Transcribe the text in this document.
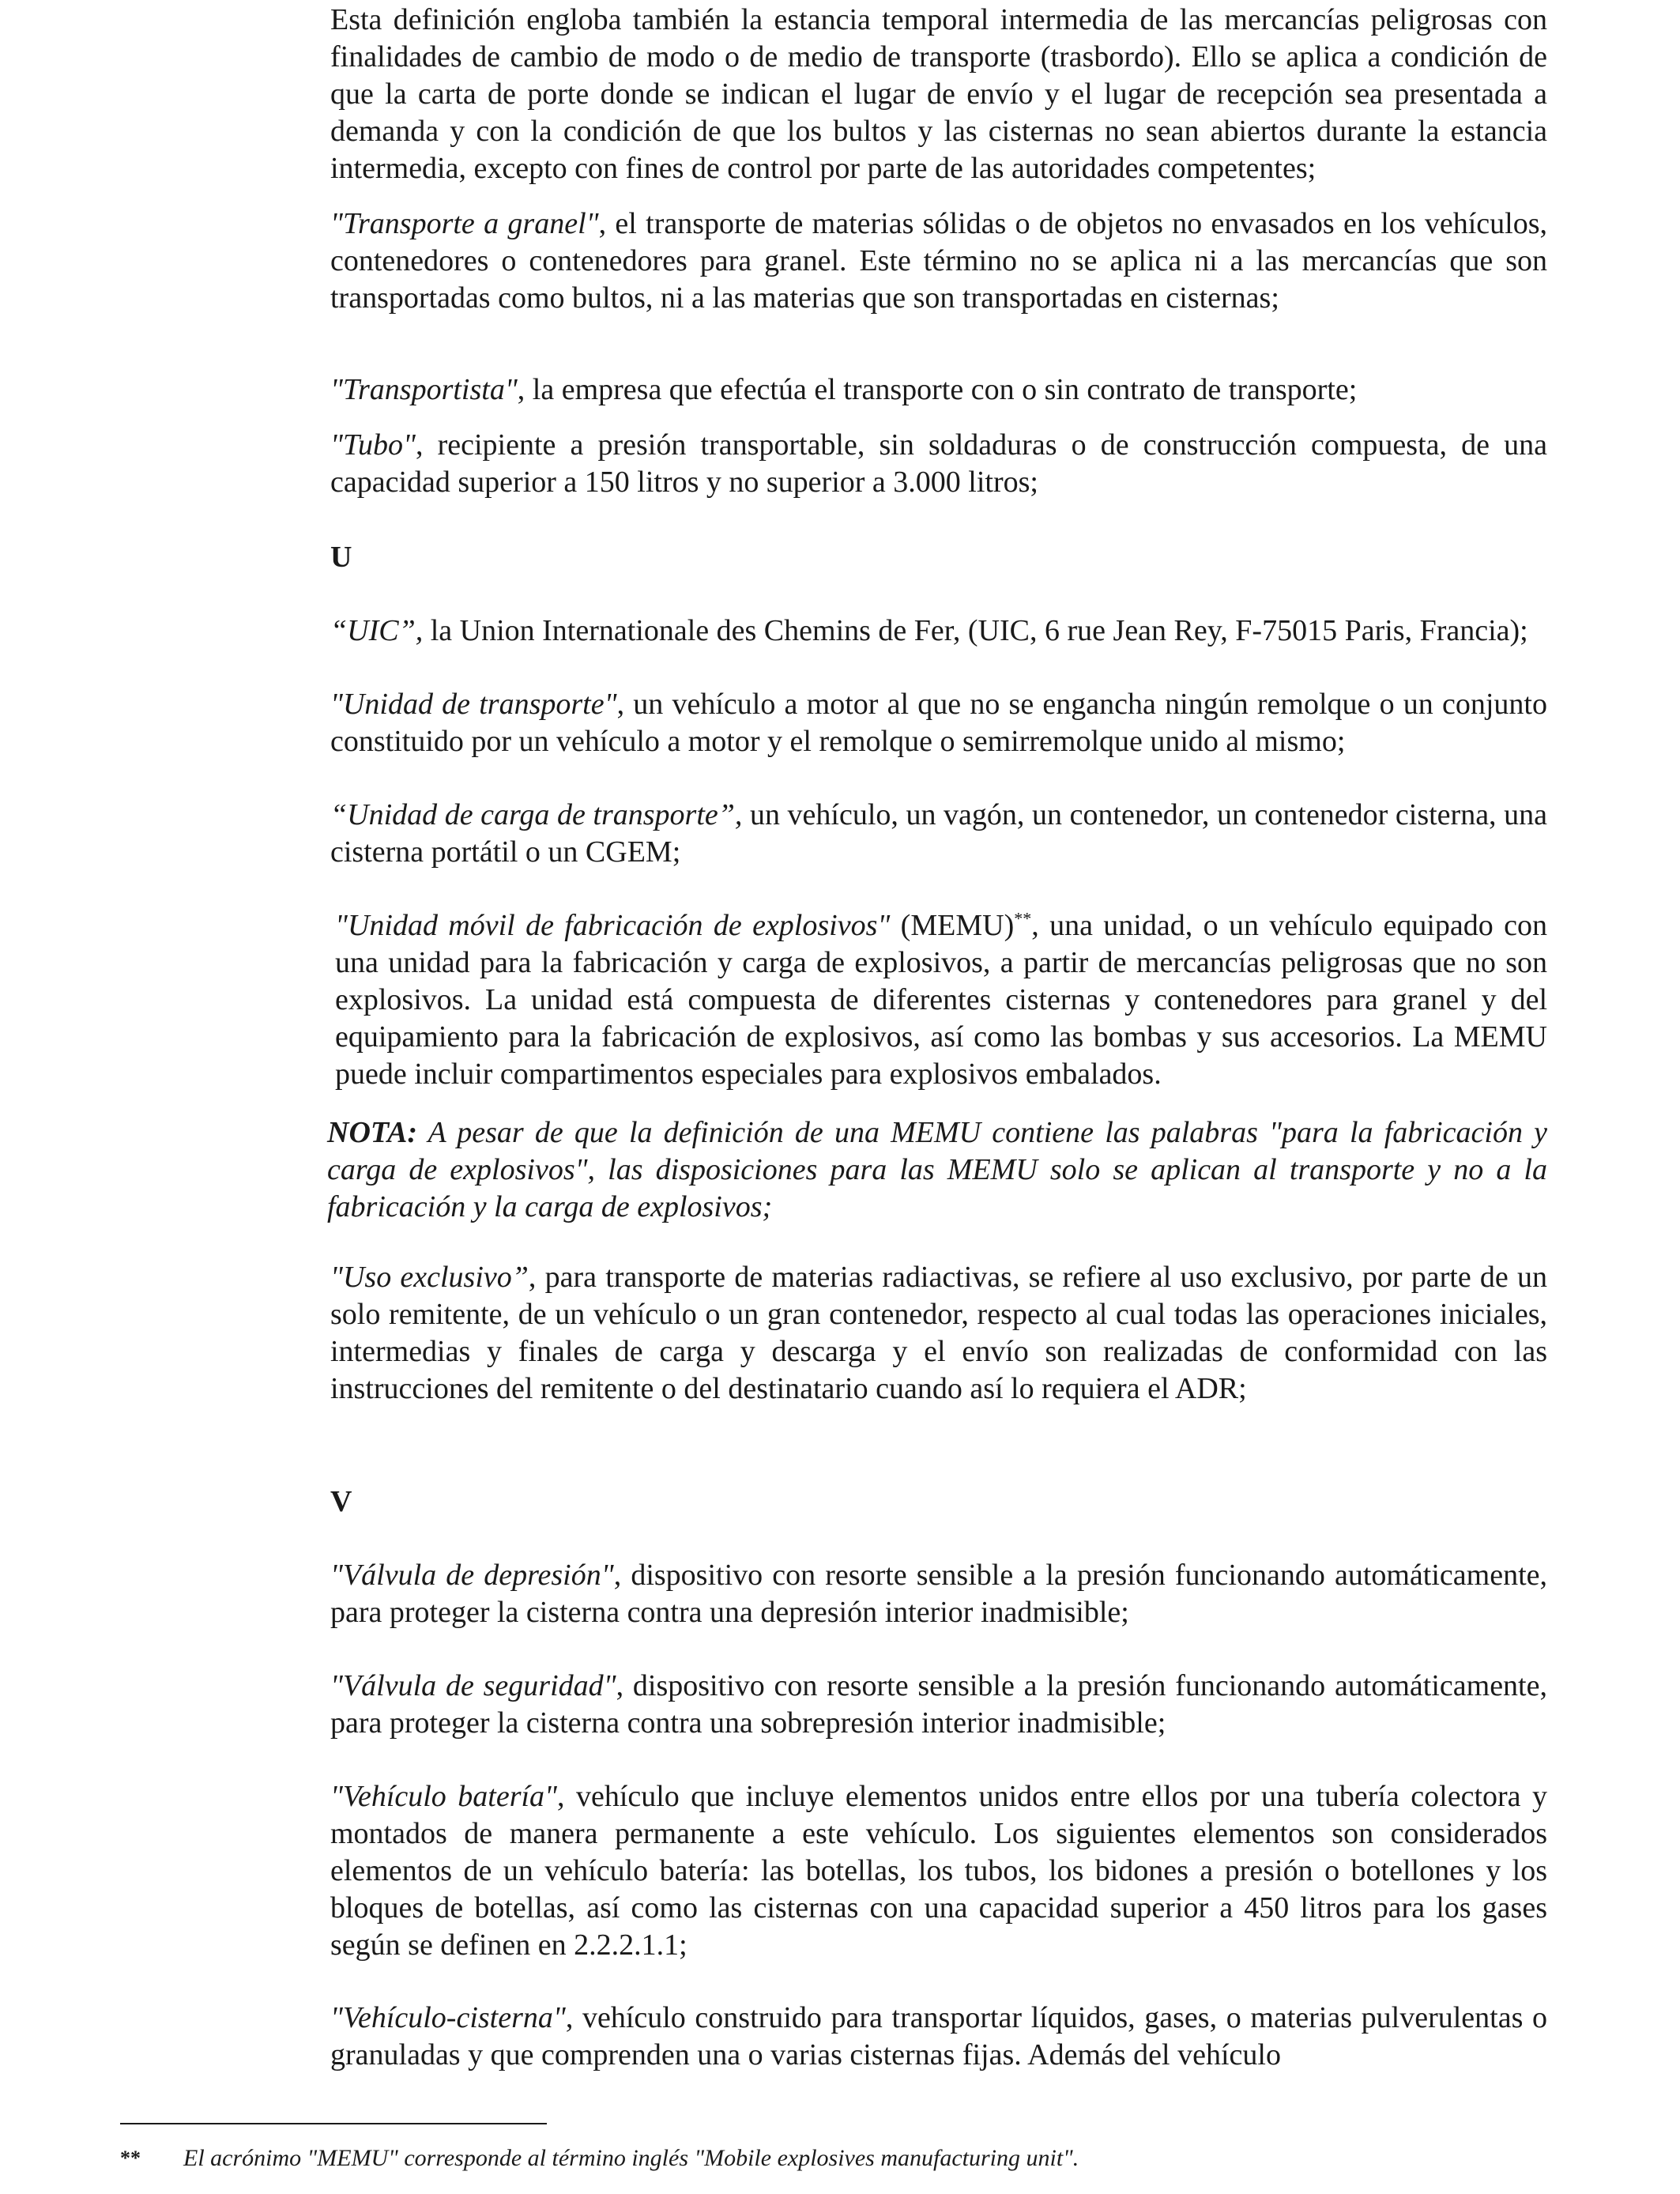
Esta definición engloba también la estancia temporal intermedia de las mercancías peligrosas con finalidades de cambio de modo o de medio de transporte (trasbordo). Ello se aplica a condición de que la carta de porte donde se indican el lugar de envío y el lugar de recepción sea presentada a demanda y con la condición de que los bultos y las cisternas no sean abiertos durante la estancia intermedia, excepto con fines de control por parte de las autoridades competentes;

"Transporte a granel", el transporte de materias sólidas o de objetos no envasados en los vehículos, contenedores o contenedores para granel. Este término no se aplica ni a las mercancías que son transportadas como bultos, ni a las materias que son transportadas en cisternas;

"Transportista", la empresa que efectúa el transporte con o sin contrato de transporte;

"Tubo", recipiente a presión transportable, sin soldaduras o de construcción compuesta, de una capacidad superior a 150 litros y no superior a 3.000 litros;

U

“UIC”, la Union Internationale des Chemins de Fer, (UIC, 6 rue Jean Rey, F-75015 Paris, Francia);

"Unidad de transporte", un vehículo a motor al que no se engancha ningún remolque o un conjunto constituido por un vehículo a motor y el remolque o semirremolque unido al mismo;

“Unidad de carga de transporte”, un vehículo, un vagón, un contenedor, un contenedor cisterna, una cisterna portátil o un CGEM;

"Unidad móvil de fabricación de explosivos" (MEMU)**, una unidad, o un vehículo equipado con una unidad para la fabricación y carga de explosivos, a partir de mercancías peligrosas que no son explosivos. La unidad está compuesta de diferentes cisternas y contenedores para granel y del equipamiento para la fabricación de explosivos, así como las bombas y sus accesorios. La MEMU puede incluir compartimentos especiales para explosivos embalados.

NOTA: A pesar de que la definición de una MEMU contiene las palabras "para la fabricación y carga de explosivos", las disposiciones para las MEMU solo se aplican al transporte y no a la fabricación y la carga de explosivos;

"Uso exclusivo”, para transporte de materias radiactivas, se refiere al uso exclusivo, por parte de un solo remitente, de un vehículo o un gran contenedor, respecto al cual todas las operaciones iniciales, intermedias y finales de carga y descarga y el envío son realizadas de conformidad con las instrucciones del remitente o del destinatario cuando así lo requiera el ADR;

V

"Válvula de depresión", dispositivo con resorte sensible a la presión funcionando automáticamente, para proteger la cisterna contra una depresión interior inadmisible;

"Válvula de seguridad", dispositivo con resorte sensible a la presión funcionando automáticamente, para proteger la cisterna contra una sobrepresión interior inadmisible;

"Vehículo batería", vehículo que incluye elementos unidos entre ellos por una tubería colectora y montados de manera permanente a este vehículo. Los siguientes elementos son considerados elementos de un vehículo batería: las botellas, los tubos, los bidones a presión o botellones y los bloques de botellas, así como las cisternas con una capacidad superior a 450 litros para los gases según se definen en 2.2.2.1.1;

"Vehículo-cisterna", vehículo construido para transportar líquidos, gases, o materias pulverulentas o granuladas y que comprenden una o varias cisternas fijas. Además del vehículo

** El acrónimo "MEMU" corresponde al término inglés "Mobile explosives manufacturing unit".
